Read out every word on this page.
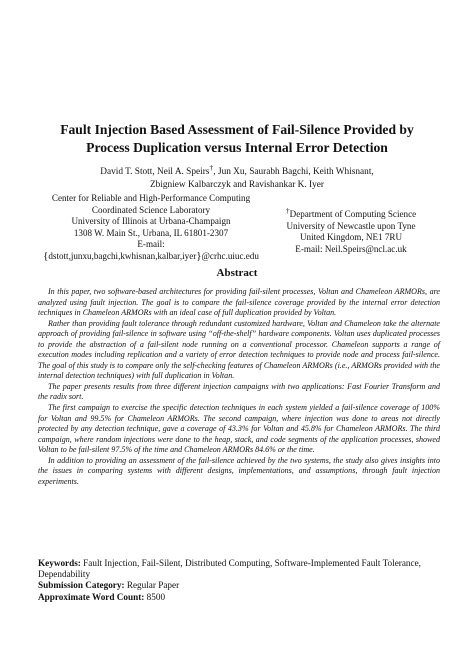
Fault Injection Based Assessment of Fail-Silence Provided by
Process Duplication versus Internal Error Detection
David T. Stott, Neil A. Speirs†, Jun Xu, Saurabh Bagchi, Keith Whisnant,
Zbigniew Kalbarczyk and Ravishankar K. Iyer
Center for Reliable and High-Performance Computing
Coordinated Science Laboratory
University of Illinois at Urbana-Champaign
1308 W. Main St., Urbana, IL 61801-2307
E-mail:
{dstott,junxu,bagchi,kwhisnan,kalbar,iyer}@crhc.uiuc.edu
†Department of Computing Science
University of Newcastle upon Tyne
United Kingdom, NE1 7RU
E-mail: Neil.Speirs@ncl.ac.uk
Abstract

In this paper, two software-based architectures for providing fail-silent processes, Voltan and Chameleon ARMORs, are analyzed using fault injection. The goal is to compare the fail-silence coverage provided by the internal error detection techniques in Chameleon ARMORs with an ideal case of full duplication provided by Voltan.

Rather than providing fault tolerance through redundant customized hardware, Voltan and Chameleon take the alternate approach of providing fail-silence in software using “off-the-shelf” hardware components. Voltan uses duplicated processes to provide the abstraction of a fail-silent node running on a conventional processor. Chameleon supports a range of execution modes including replication and a variety of error detection techniques to provide node and process fail-silence. The goal of this study is to compare only the self-checking features of Chameleon ARMORs (i.e., ARMORs provided with the internal detection techniques) with full duplication in Voltan.

The paper presents results from three different injection campaigns with two applications: Fast Fourier Transform and the radix sort.

The first campaign to exercise the specific detection techniques in each system yielded a fail-silence coverage of 100% for Voltan and 99.5% for Chameleon ARMORs. The second campaign, where injection was done to areas not directly protected by any detection technique, gave a coverage of 43.3% for Voltan and 45.8% for Chameleon ARMORs. The third campaign, where random injections were done to the heap, stack, and code segments of the application processes, showed Voltan to be fail-silent 97.5% of the time and Chameleon ARMORs 84.6% or the time.

In addition to providing an assessment of the fail-silence achieved by the two systems, the study also gives insights into the issues in comparing systems with different designs, implementations, and assumptions, through fault injection experiments.

Keywords: Fault Injection, Fail-Silent, Distributed Computing, Software-Implemented Fault Tolerance, Dependability

Submission Category: Regular Paper

Approximate Word Count: 8500
